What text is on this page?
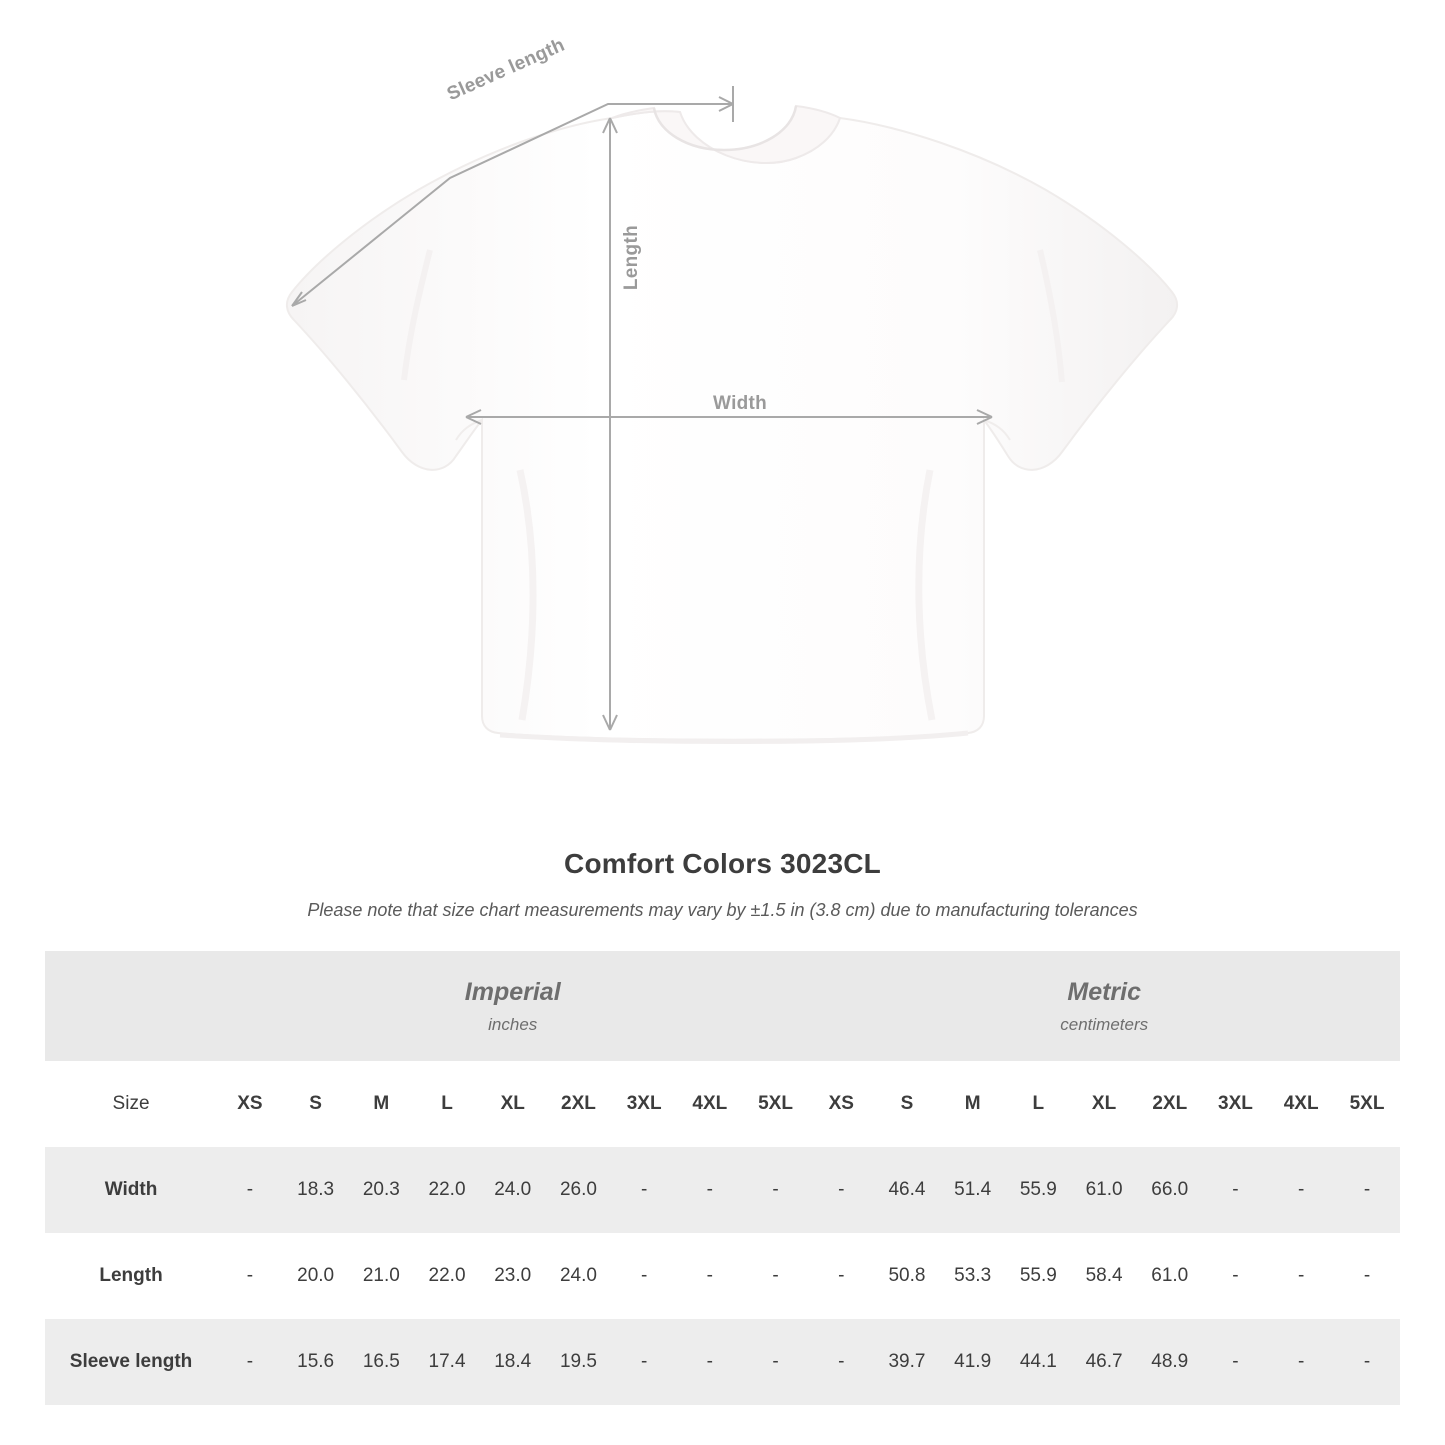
Sleeve length
Length
Width
Comfort Colors 3023CL
Please note that size chart measurements may vary by ±1.5 in (3.8 cm) due to manufacturing tolerances

Imperial
inches

Metric
centimeters

Size	XS	S	M	L	XL	2XL	3XL	4XL	5XL	XS	S	M	L	XL	2XL	3XL	4XL	5XL
Width	-	18.3	20.3	22.0	24.0	26.0	-	-	-	-	46.4	51.4	55.9	61.0	66.0	-	-	-
Length	-	20.0	21.0	22.0	23.0	24.0	-	-	-	-	50.8	53.3	55.9	58.4	61.0	-	-	-
Sleeve length	-	15.6	16.5	17.4	18.4	19.5	-	-	-	-	39.7	41.9	44.1	46.7	48.9	-	-	-
